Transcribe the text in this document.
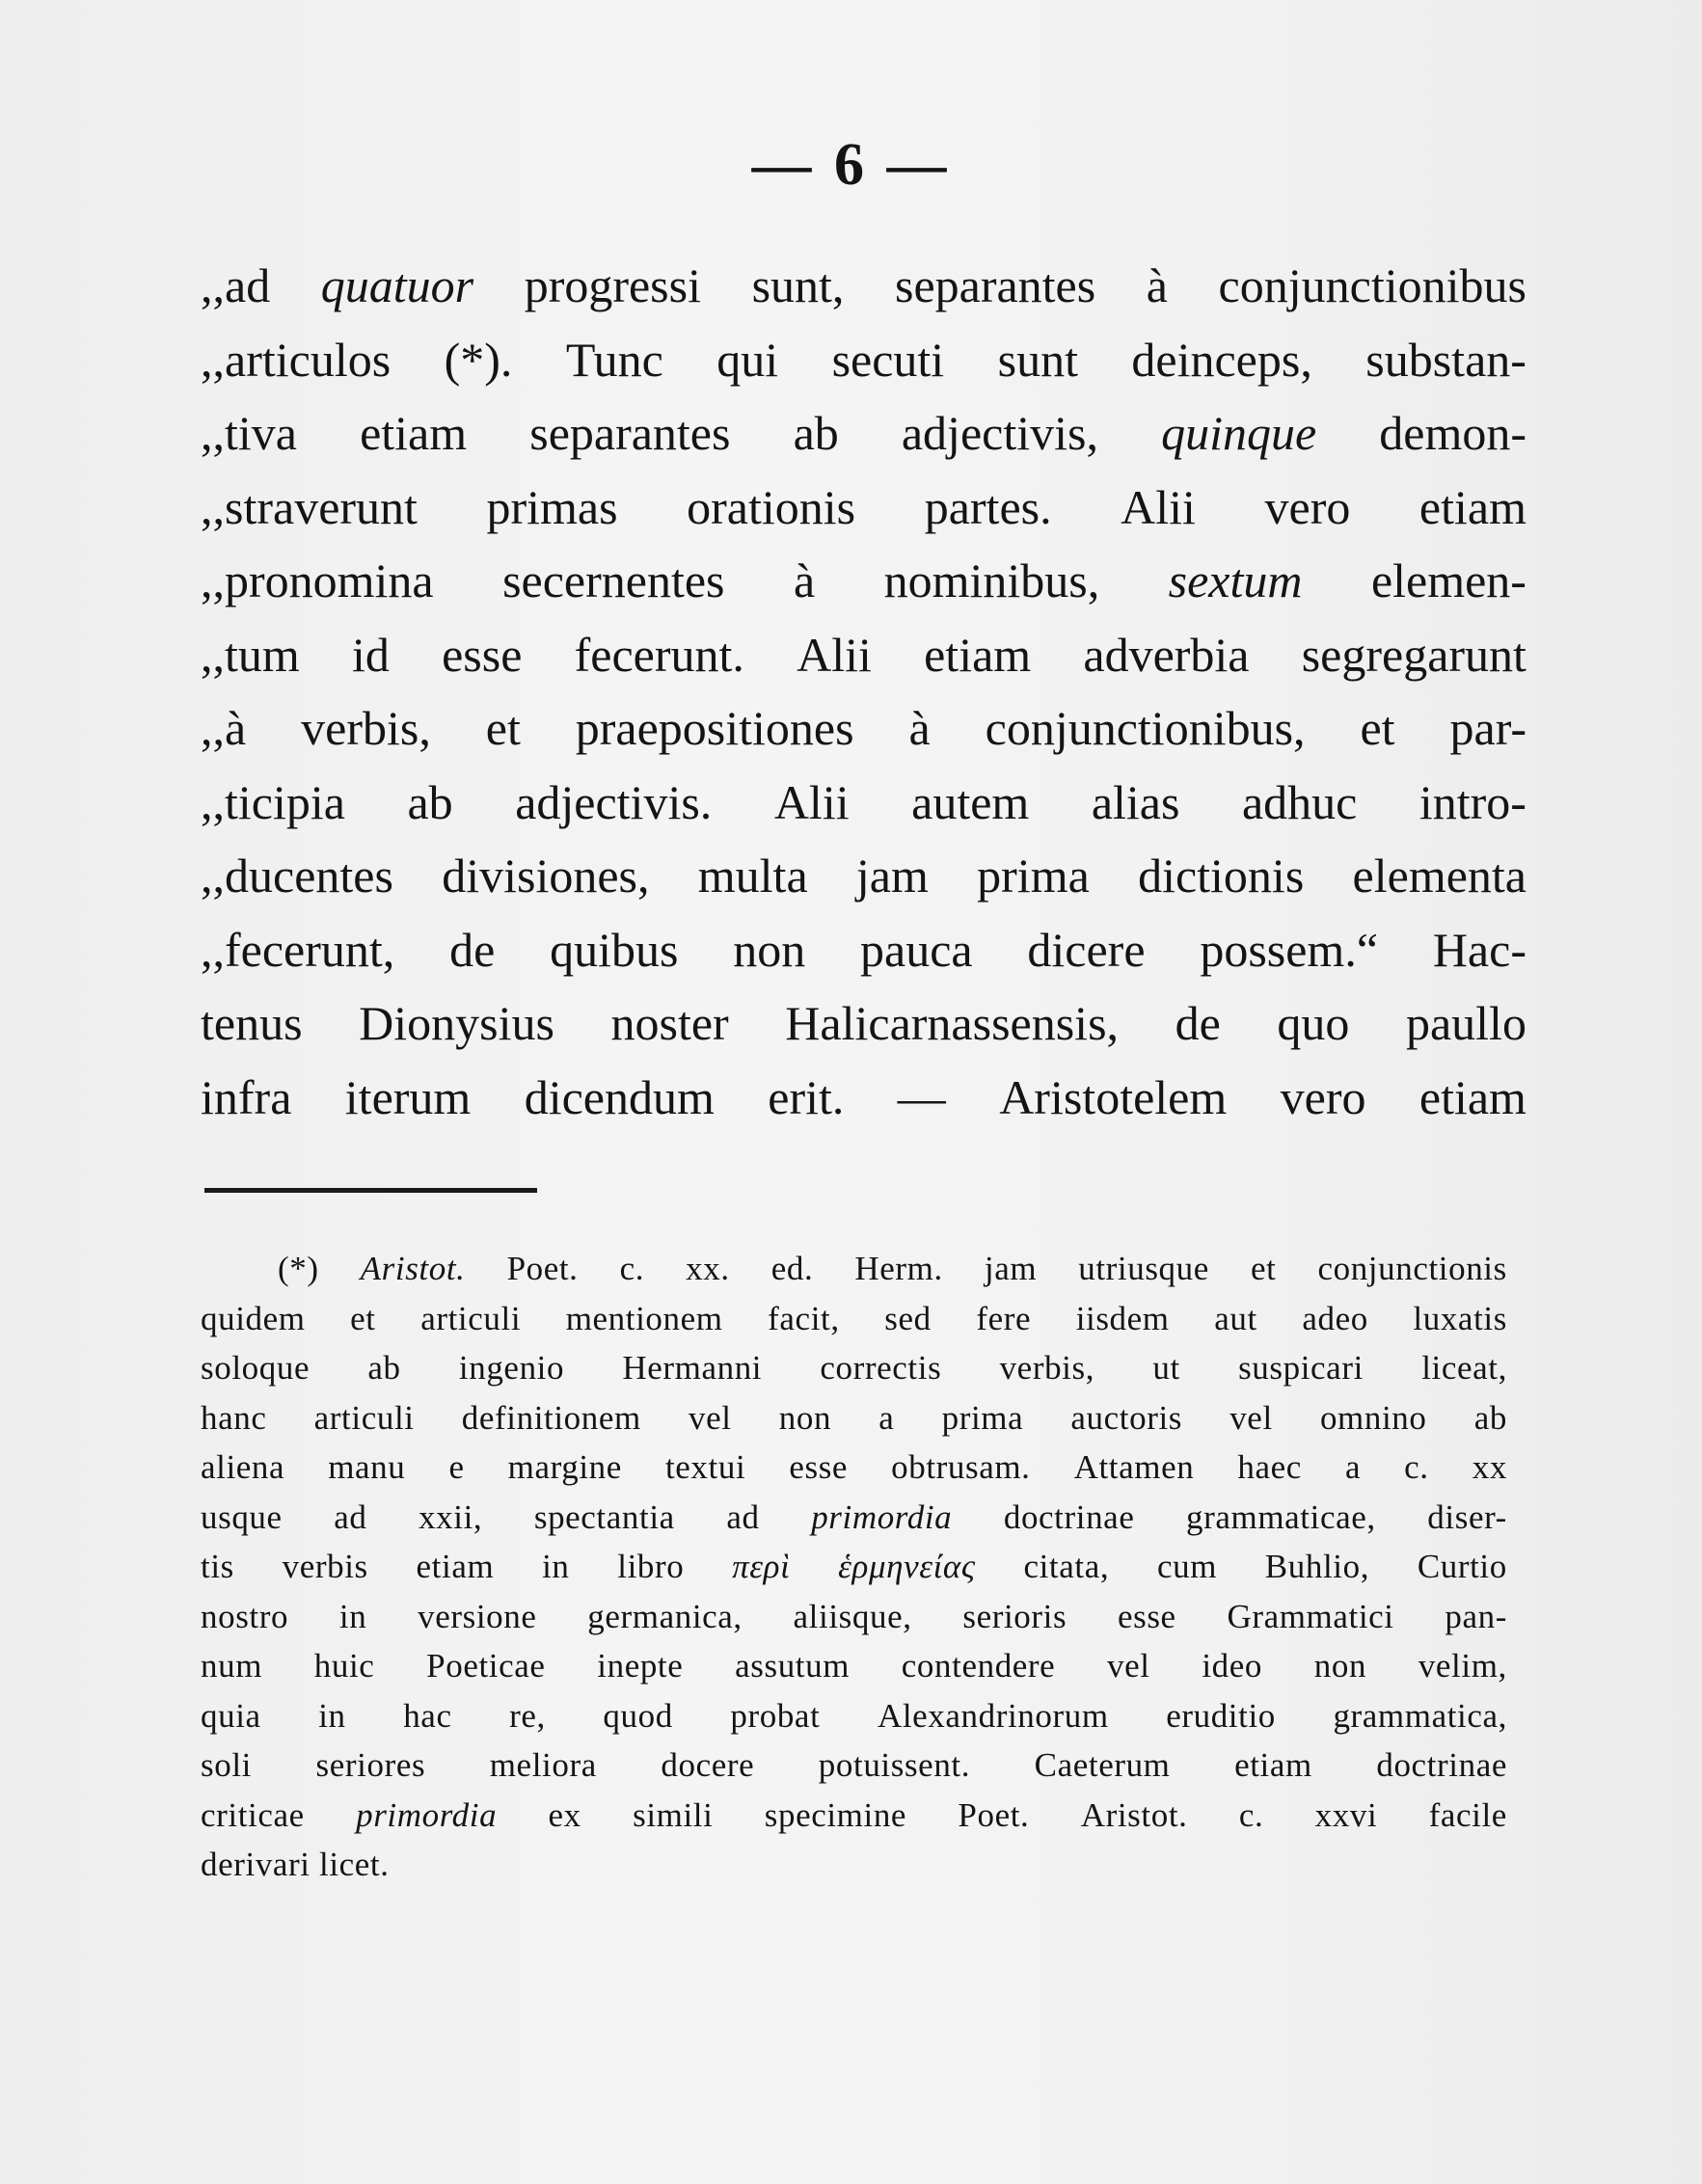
— 6 —
,,ad quatuor progressi sunt, separantes à conjunctionibus
,,articulos (*). Tunc qui secuti sunt deinceps, substan-
,,tiva etiam separantes ab adjectivis, quinque demon-
,,straverunt primas orationis partes. Alii vero etiam
,,pronomina secernentes à nominibus, sextum elemen-
,,tum id esse fecerunt. Alii etiam adverbia segregarunt
,,à verbis, et praepositiones à conjunctionibus, et par-
,,ticipia ab adjectivis. Alii autem alias adhuc intro-
,,ducentes divisiones, multa jam prima dictionis elementa
,,fecerunt, de quibus non pauca dicere possem.“ Hac-
tenus Dionysius noster Halicarnassensis, de quo paullo
infra iterum dicendum erit. — Aristotelem vero etiam
(*) Aristot. Poet. c. xx. ed. Herm. jam utriusque et conjunctionis
quidem et articuli mentionem facit, sed fere iisdem aut adeo luxatis
soloque ab ingenio Hermanni correctis verbis, ut suspicari liceat,
hanc articuli definitionem vel non a prima auctoris vel omnino ab
aliena manu e margine textui esse obtrusam. Attamen haec a c. xx
usque ad xxii, spectantia ad primordia doctrinae grammaticae, diser-
tis verbis etiam in libro περὶ ἑρμηνείας citata, cum Buhlio, Curtio
nostro in versione germanica, aliisque, serioris esse Grammatici pan-
num huic Poeticae inepte assutum contendere vel ideo non velim,
quia in hac re, quod probat Alexandrinorum eruditio grammatica,
soli seriores meliora docere potuissent. Caeterum etiam doctrinae
criticae primordia ex simili specimine Poet. Aristot. c. xxvi facile
derivari
licet.
